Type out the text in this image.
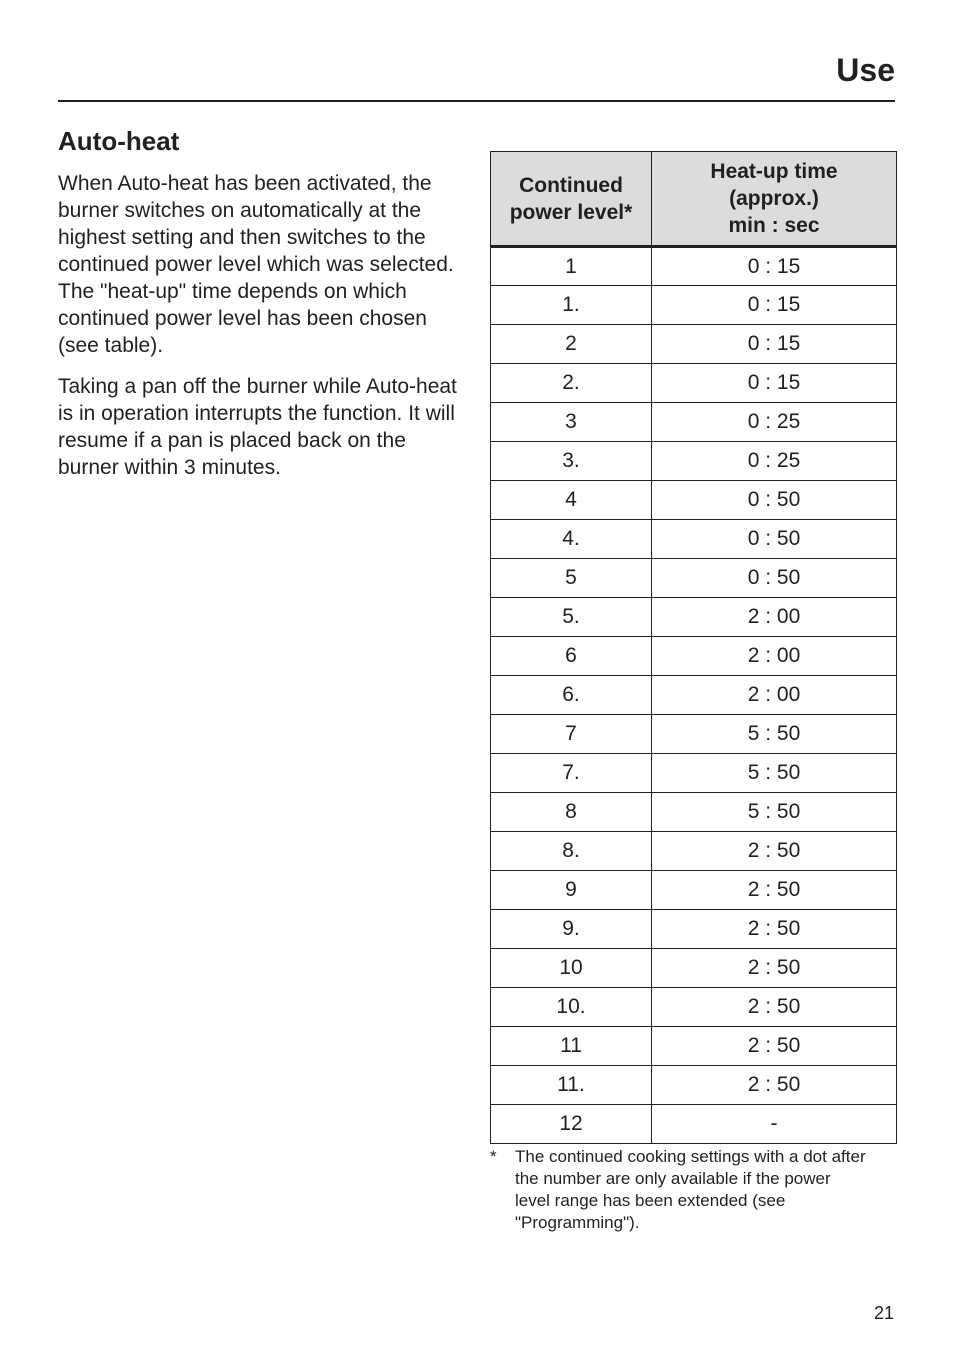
Use
Auto-heat

When Auto-heat has been activated, the burner switches on automatically at the highest setting and then switches to the continued power level which was selected. The "heat-up" time depends on which continued power level has been chosen (see table).

Taking a pan off the burner while Auto-heat is in operation interrupts the function. It will resume if a pan is placed back on the burner within 3 minutes.

Continued
power level*	Heat-up time
(approx.)
min : sec

1	0 : 15
1.	0 : 15
2	0 : 15
2.	0 : 15
3	0 : 25
3.	0 : 25
4	0 : 50
4.	0 : 50
5	0 : 50
5.	2 : 00
6	2 : 00
6.	2 : 00
7	5 : 50
7.	5 : 50
8	5 : 50
8.	2 : 50
9	2 : 50
9.	2 : 50
10	2 : 50
10.	2 : 50
11	2 : 50
11.	2 : 50
12	-
* The continued cooking settings with a dot after the number are only available if the power level range has been extended (see "Programming").
21
